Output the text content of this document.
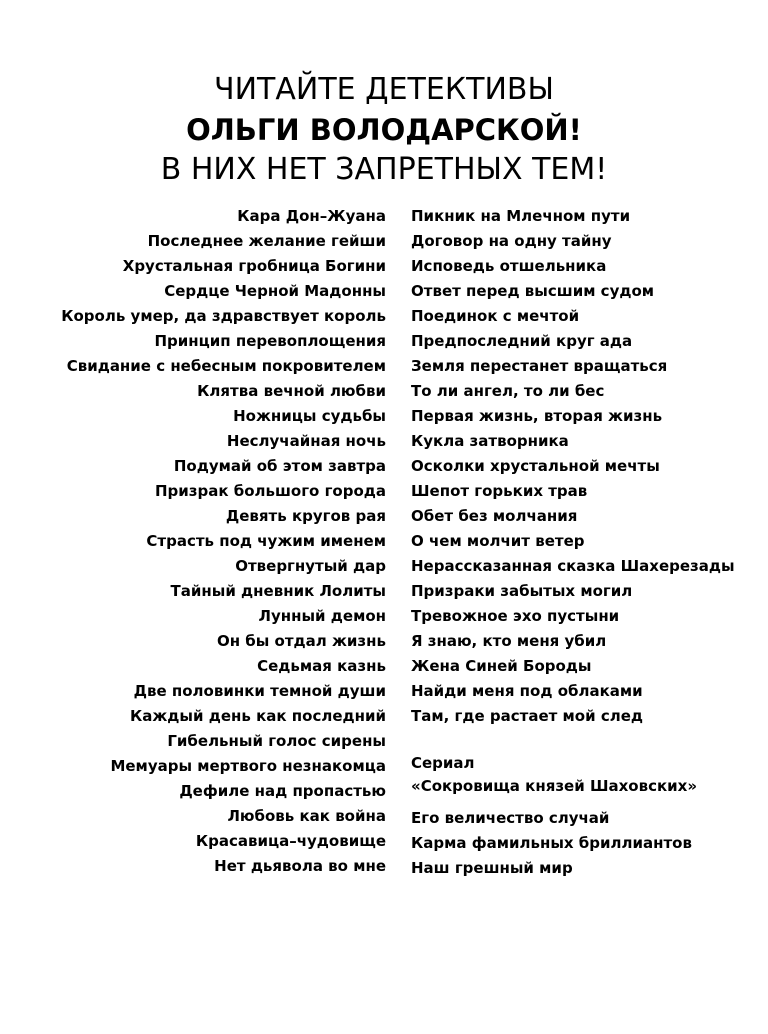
ЧИТАЙТЕ ДЕТЕКТИВЫ
ОЛЬГИ ВОЛОДАРСКОЙ!
В НИХ НЕТ ЗАПРЕТНЫХ ТЕМ!
Кара Дон–Жуана
Последнее желание гейши
Хрустальная гробница Богини
Сердце Черной Мадонны
Король умер, да здравствует король
Принцип перевоплощения
Свидание с небесным покровителем
Клятва вечной любви
Ножницы судьбы
Неслучайная ночь
Подумай об этом завтра
Призрак большого города
Девять кругов рая
Страсть под чужим именем
Отвергнутый дар
Тайный дневник Лолиты
Лунный демон
Он бы отдал жизнь
Седьмая казнь
Две половинки темной души
Каждый день как последний
Гибельный голос сирены
Мемуары мертвого незнакомца
Дефиле над пропастью
Любовь как война
Красавица–чудовище
Нет дьявола во мне
Пикник на Млечном пути
Договор на одну тайну
Исповедь отшельника
Ответ перед высшим судом
Поединок с мечтой
Предпоследний круг ада
Земля перестанет вращаться
То ли ангел, то ли бес
Первая жизнь, вторая жизнь
Кукла затворника
Осколки хрустальной мечты
Шепот горьких трав
Обет без молчания
О чем молчит ветер
Нерассказанная сказка Шахерезады
Призраки забытых могил
Тревожное эхо пустыни
Я знаю, кто меня убил
Жена Синей Бороды
Найди меня под облаками
Там, где растает мой след
Сериал
«Сокровища князей Шаховских»
Его величество случай
Карма фамильных бриллиантов
Наш грешный мир
